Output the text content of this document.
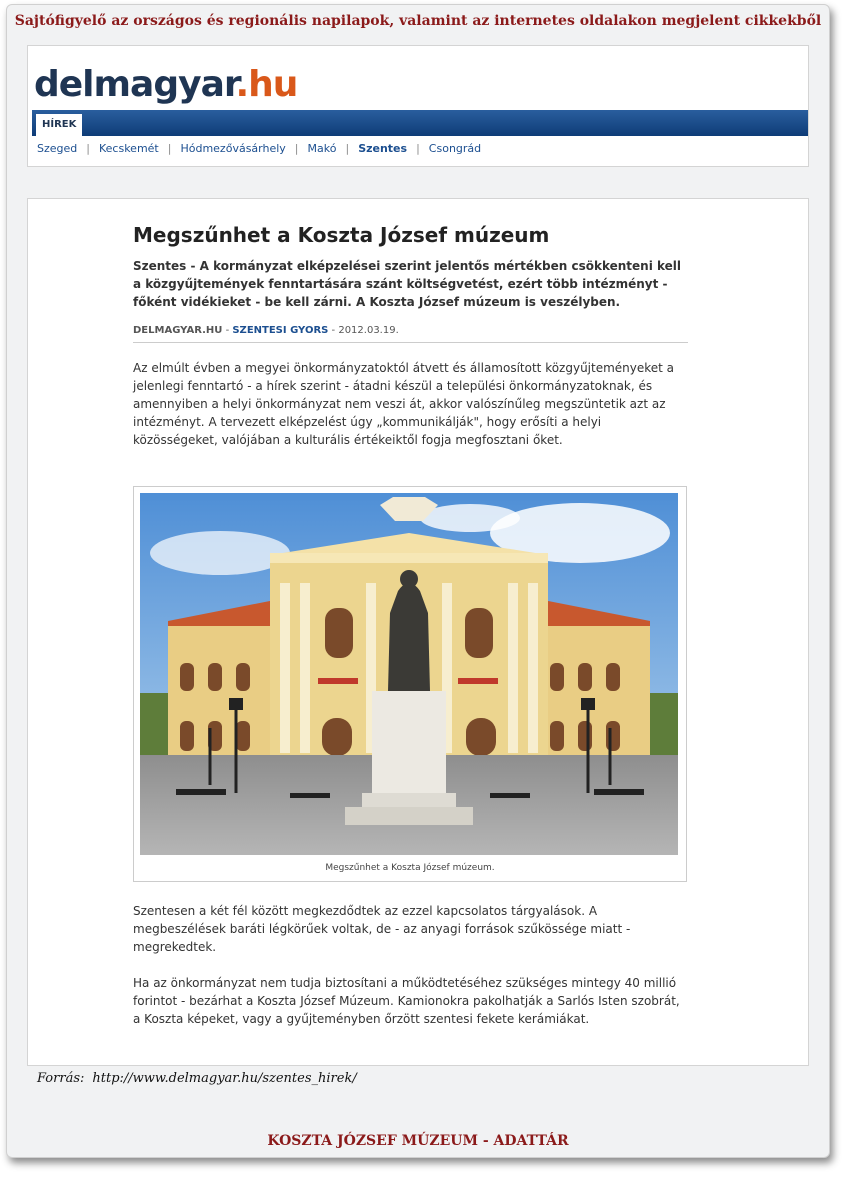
Sajtófigyelő az országos és regionális napilapok, valamint az internetes oldalakon megjelent cikkekből
delmagyar.hu
HÍREK
Szeged | Kecskemét | Hódmezővásárhely | Makó | Szentes | Csongrád
Megszűnhet a Koszta József múzeum
Szentes - A kormányzat elképzelései szerint jelentős mértékben csökkenteni kell a közgyűjtemények fenntartására szánt költségvetést, ezért több intézményt - főként vidékieket - be kell zárni. A Koszta József múzeum is veszélyben.
DELMAGYAR.HU - SZENTESI GYORS - 2012.03.19.
Az elmúlt évben a megyei önkormányzatoktól átvett és államosított közgyűjteményeket a jelenlegi fenntartó - a hírek szerint - átadni készül a települési önkormányzatoknak, és amennyiben a helyi önkormányzat nem veszi át, akkor valószínűleg megszüntetik azt az intézményt. A tervezett elképzelést úgy „kommunikálják", hogy erősíti a helyi közösségeket, valójában a kulturális értékeiktől fogja megfosztani őket.
Megszűnhet a Koszta József múzeum.
Szentesen a két fél között megkezdődtek az ezzel kapcsolatos tárgyalások. A megbeszélések baráti légkörűek voltak, de - az anyagi források szűkössége miatt - megrekedtek.
Ha az önkormányzat nem tudja biztosítani a működtetéséhez szükséges mintegy 40 millió forintot - bezárhat a Koszta József Múzeum. Kamionokra pakolhatják a Sarlós Isten szobrát, a Koszta képeket, vagy a gyűjteményben őrzött szentesi fekete kerámiákat.
Forrás: http://www.delmagyar.hu/szentes_hirek/
KOSZTA JÓZSEF MÚZEUM - ADATTÁR
